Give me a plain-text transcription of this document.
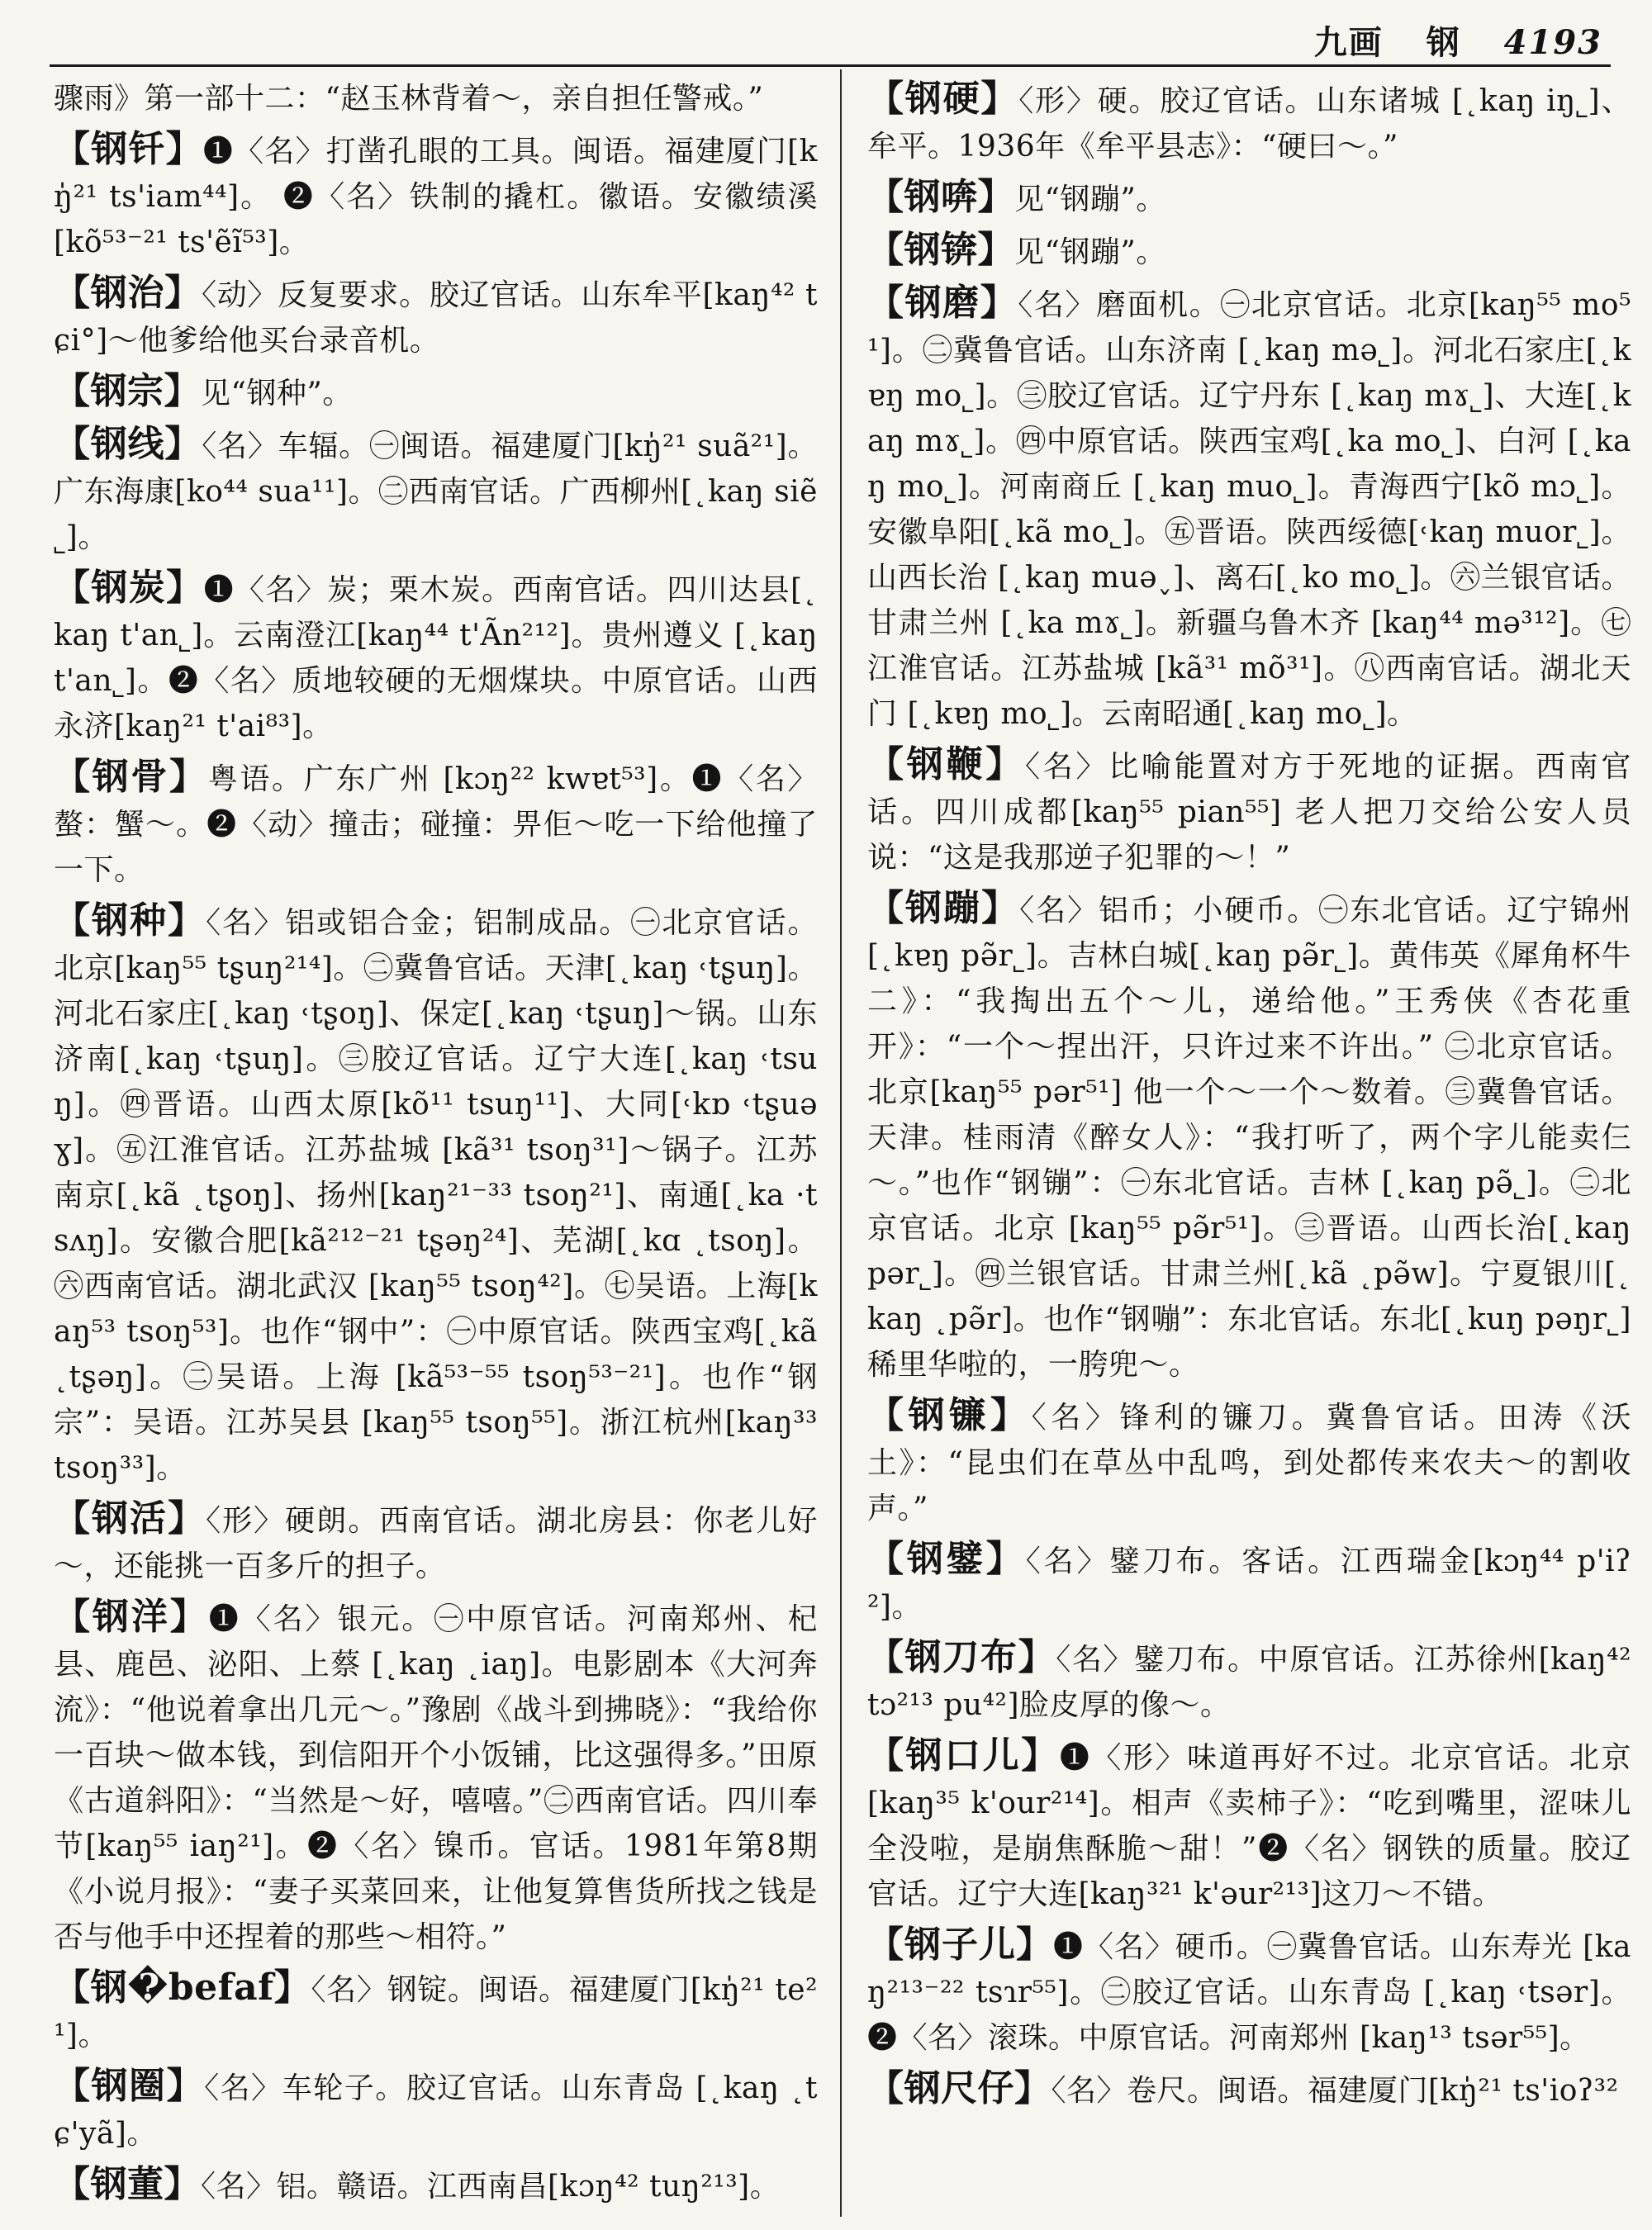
九画 钢 4193

骤雨》第一部十二：“赵玉林背着～，亲自担任警戒。”

【钢钎】❶〈名〉打凿孔眼的工具。闽语。福建厦门[kŋ̍²¹ ts'iam⁴⁴]。 ❷〈名〉铁制的撬杠。徽语。安徽绩溪[kõ⁵³⁻²¹ ts'ẽĩ⁵³]。

【钢治】〈动〉反复要求。胶辽官话。山东牟平[kaŋ⁴² tɕi°]～他爹给他买台录音机。

【钢宗】见“钢种”。

【钢线】〈名〉车辐。㊀闽语。福建厦门[kŋ̍²¹ suã²¹]。广东海康[ko⁴⁴ sua¹¹]。㊁西南官话。广西柳州[˛kaŋ siẽ˾]。

【钢炭】❶〈名〉炭；栗木炭。西南官话。四川达县[˛kaŋ t'an˾]。云南澄江[kaŋ⁴⁴ t'Ãn²¹²]。贵州遵义 [˛kaŋ t'an˾]。❷〈名〉质地较硬的无烟煤块。中原官话。山西永济[kaŋ²¹ t'ai⁸³]。

【钢骨】粤语。广东广州 [kɔŋ²² kwɐt⁵³]。❶〈名〉螯：蟹～。❷〈动〉撞击；碰撞：畀佢～吃一下给他撞了一下。

【钢种】〈名〉铝或铝合金；铝制成品。㊀北京官话。北京[kaŋ⁵⁵ tʂuŋ²¹⁴]。㊁冀鲁官话。天津[˛kaŋ ˓tʂuŋ]。河北石家庄[˛kaŋ ˓tʂoŋ]、保定[˛kaŋ ˓tʂuŋ]～锅。山东济南[˛kaŋ ˓tʂuŋ]。㊂胶辽官话。辽宁大连[˛kaŋ ˓tsuŋ]。㊃晋语。山西太原[kõ¹¹ tsuŋ¹¹]、大同[˓kɒ ˓tʂuəɣ]。㊄江淮官话。江苏盐城 [kã³¹ tsoŋ³¹]～锅子。江苏南京[˛kã ˛tʂoŋ]、扬州[kaŋ²¹⁻³³ tsoŋ²¹]、南通[˛ka ·tsʌŋ]。安徽合肥[kã²¹²⁻²¹ tʂəŋ²⁴]、芜湖[˛kɑ ˛tsoŋ]。㊅西南官话。湖北武汉 [kaŋ⁵⁵ tsoŋ⁴²]。㊆吴语。上海[kaŋ⁵³ tsoŋ⁵³]。也作“钢中”：㊀中原官话。陕西宝鸡[˛kã ˛tʂəŋ]。㊁吴语。上海 [kã⁵³⁻⁵⁵ tsoŋ⁵³⁻²¹]。也作“钢宗”：吴语。江苏吴县 [kaŋ⁵⁵ tsoŋ⁵⁵]。浙江杭州[kaŋ³³ tsoŋ³³]。

【钢活】〈形〉硬朗。西南官话。湖北房县：你老儿好～，还能挑一百多斤的担子。

【钢洋】❶〈名〉银元。㊀中原官话。河南郑州、杞县、鹿邑、泌阳、上蔡 [˛kaŋ ˛iaŋ]。电影剧本《大河奔流》：“他说着拿出几元～。”豫剧《战斗到拂晓》：“我给你一百块～做本钱，到信阳开个小饭铺，比这强得多。”田原《古道斜阳》：“当然是～好，嘻嘻。”㊁西南官话。四川奉节[kaŋ⁵⁵ iaŋ²¹]。❷〈名〉镍币。官话。1981年第8期《小说月报》：“妻子买菜回来，让他复算售货所找之钱是否与他手中还捏着的那些～相符。”

【钢�befaf】〈名〉钢锭。闽语。福建厦门[kŋ̍²¹ te²¹]。

【钢圈】〈名〉车轮子。胶辽官话。山东青岛 [˛kaŋ ˛tɕ'yã]。

【钢董】〈名〉铝。赣语。江西南昌[kɔŋ⁴² tuŋ²¹³]。

【钢硬】〈形〉硬。胶辽官话。山东诸城 [˛kaŋ iŋ˾]、牟平。1936年《牟平县志》：“硬曰～。”

【钢喯】见“钢蹦”。

【钢锛】见“钢蹦”。

【钢磨】〈名〉磨面机。㊀北京官话。北京[kaŋ⁵⁵ mo⁵¹]。㊁冀鲁官话。山东济南 [˛kaŋ mə˾]。河北石家庄[˛kɐŋ mo˾]。㊂胶辽官话。辽宁丹东 [˛kaŋ mɤ˾]、大连[˛kaŋ mɤ˾]。㊃中原官话。陕西宝鸡[˛ka mo˾]、白河 [˛kaŋ mo˾]。河南商丘 [˛kaŋ muo˾]。青海西宁[kõ mɔ˾]。安徽阜阳[˛kã mo˾]。㊄晋语。陕西绥德[˓kaŋ muor˾]。山西长治 [˛kaŋ muə˯]、离石[˛ko mo˾]。㊅兰银官话。甘肃兰州 [˛ka mɤ˾]。新疆乌鲁木齐 [kaŋ⁴⁴ mə³¹²]。㊆江淮官话。江苏盐城 [kã³¹ mõ³¹]。㊇西南官话。湖北天门 [˛kɐŋ mo˾]。云南昭通[˛kaŋ mo˾]。

【钢鞭】〈名〉比喻能置对方于死地的证据。西南官话。四川成都[kaŋ⁵⁵ pian⁵⁵] 老人把刀交给公安人员说：“这是我那逆子犯罪的～！”

【钢蹦】〈名〉铝币；小硬币。㊀东北官话。辽宁锦州 [˛kɐŋ pə̃r˾]。吉林白城[˛kaŋ pə̃r˾]。黄伟英《犀角杯牛二》：“我掏出五个～儿，递给他。”王秀侠《杏花重开》：“一个～捏出汗，只许过来不许出。” ㊁北京官话。北京[kaŋ⁵⁵ pər⁵¹] 他一个～一个～数着。㊂冀鲁官话。天津。桂雨清《醉女人》：“我打听了，两个字儿能卖仨～。”也作“钢镚”：㊀东北官话。吉林 [˛kaŋ pə̃˾]。㊁北京官话。北京 [kaŋ⁵⁵ pə̃r⁵¹]。㊂晋语。山西长治[˛kaŋ pər˾]。㊃兰银官话。甘肃兰州[˛kã ˛pə̃w]。宁夏银川[˛kaŋ ˛pə̃r]。也作“钢嘣”：东北官话。东北[˛kuŋ pəŋr˾]稀里华啦的，一胯兜～。

【钢镰】〈名〉锋利的镰刀。冀鲁官话。田涛《沃土》：“昆虫们在草丛中乱鸣，到处都传来农夫～的割收声。”

【钢鐾】〈名〉鐾刀布。客话。江西瑞金[kɔŋ⁴⁴ p'iʔ²]。

【钢刀布】〈名〉鐾刀布。中原官话。江苏徐州[kaŋ⁴² tɔ²¹³ pu⁴²]脸皮厚的像～。

【钢口儿】❶〈形〉味道再好不过。北京官话。北京 [kaŋ³⁵ k'our²¹⁴]。相声《卖柿子》：“吃到嘴里，涩味儿全没啦，是崩焦酥脆～甜！”❷〈名〉钢铁的质量。胶辽官话。辽宁大连[kaŋ³²¹ k'əur²¹³]这刀～不错。

【钢子儿】❶〈名〉硬币。㊀冀鲁官话。山东寿光 [kaŋ²¹³⁻²² tsɿr⁵⁵]。㊁胶辽官话。山东青岛 [˛kaŋ ˓tsər]。❷〈名〉滚珠。中原官话。河南郑州 [kaŋ¹³ tsər⁵⁵]。

【钢尺仔】〈名〉卷尺。闽语。福建厦门[kŋ̍²¹ ts'ioʔ³²
